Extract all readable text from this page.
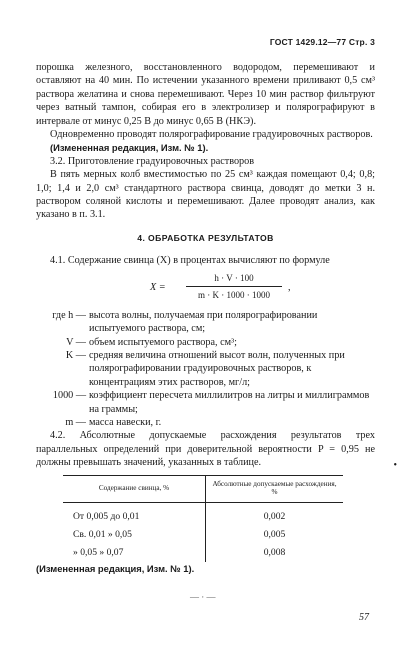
ГОСТ 1429.12—77 Стр. 3

порошка железного, восстановленного водородом, перемешивают и оставляют на 40 мин. По истечении указанного времени приливают 0,5 см³ раствора желатина и снова перемешивают. Через 10 мин раствор фильтруют через ватный тампон, собирая его в электролизер и полярографируют в интервале от минус 0,25 В до минус 0,65 В (НКЭ).

Одновременно проводят полярографирование градуировочных растворов.

(Измененная редакция, Изм. № 1).

3.2. Приготовление градуировочных растворов

В пять мерных колб вместимостью по 25 см³ каждая помещают 0,4; 0,8; 1,0; 1,4 и 2,0 см³ стандартного раствора свинца, доводят до метки 3 н. раствором соляной кислоты и перемешивают. Далее проводят анализ, как указано в п. 3.1.

4. ОБРАБОТКА РЕЗУЛЬТАТОВ

4.1. Содержание свинца (X) в процентах вычисляют по формуле

X =
h · V · 100
m · K · 1000 · 1000
,
где h — высота волны, получаемая при полярографировании испытуемого раствора, см;
V — объем испытуемого раствора, см³;
K — средняя величина отношений высот волн, полученных при полярографировании градуировочных растворов, к концентрациям этих растворов, мг/л;
1000 — коэффициент пересчета миллилитров на литры и миллиграммов на граммы;
m — масса навески, г.

4.2. Абсолютные допускаемые расхождения результатов трех параллельных определений при доверительной вероятности P = 0,95 не должны превышать значений, указанных в таблице.

Содержание свинца, %	Абсолютные допускаемые расхождения, %
От 0,005 до 0,01	0,002
Св. 0,01 » 0,05	0,005
» 0,05 » 0,07	0,008

(Измененная редакция, Изм. № 1).

•
— · —
57
